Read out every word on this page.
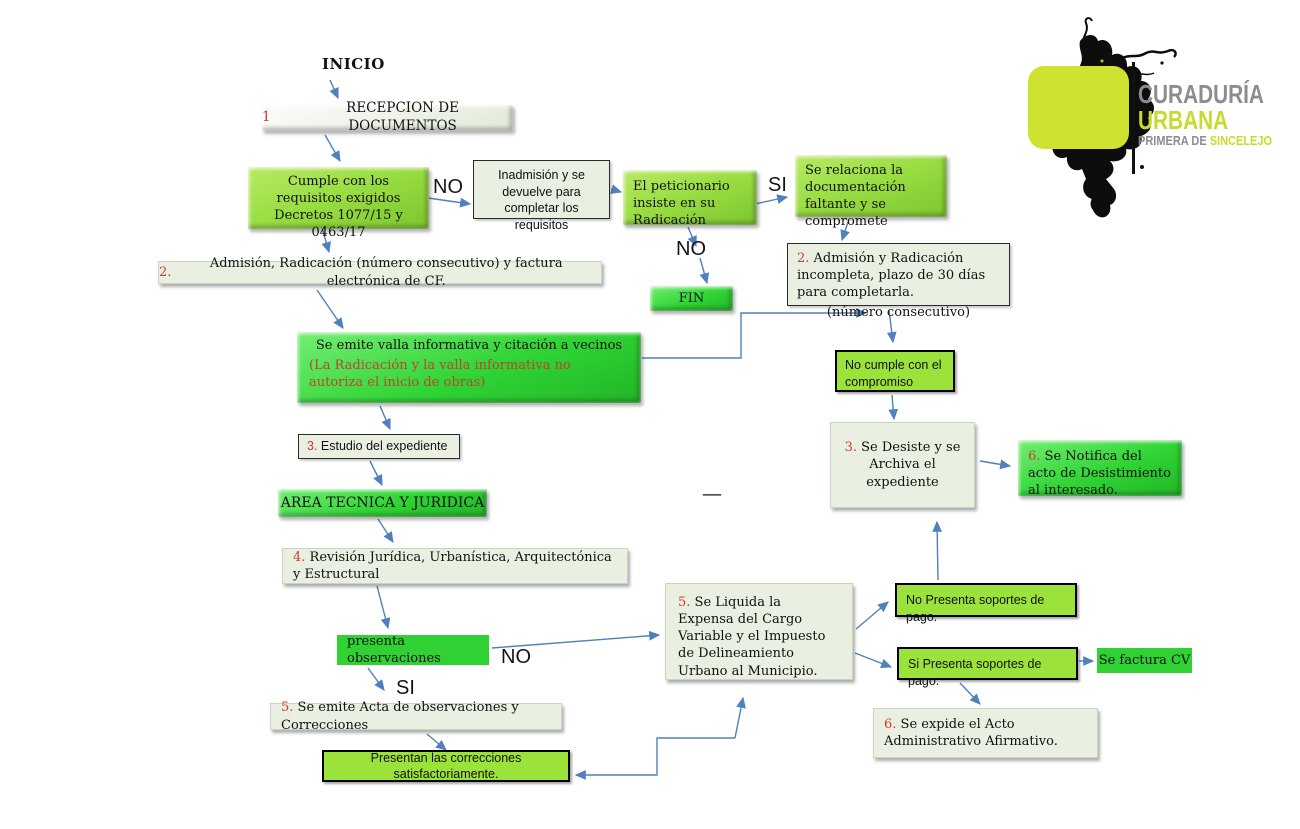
INICIO
NO	SI
NO
NO
SI
—
1
RECEPCION DE DOCUMENTOS
Cumple con los requisitos exigidos Decretos 1077/15 y 0463/17
Inadmisión y se devuelve para completar los requisitos
El peticionario insiste en su Radicación
Se relaciona la documentación faltante y se compromete
FIN
2. Admisión y Radicación incompleta, plazo de 30 días para completarla.
(número consecutivo)
2.
Admisión, Radicación (número consecutivo) y factura electrónica de CF.
Se emite valla informativa y citación a vecinos
(La Radicación y la valla informativa no autoriza el inicio de obras)
3. Estudio del expediente
AREA TECNICA Y JURIDICA
4. Revisión Jurídica, Urbanística, Arquitectónica y Estructural
presenta observaciones
5. Se emite Acta de observaciones y Correcciones
Presentan las correcciones satisfactoriamente.
5. Se Liquida la Expensa del Cargo Variable y el Impuesto de Delineamiento Urbano al Municipio.
No cumple con el compromiso
3. Se Desiste y se Archiva el expediente
6. Se Notifica del acto de Desistimiento al interesado.
No Presenta soportes de pago.
Si Presenta soportes de pago.
Se factura CV
6. Se expide el Acto Administrativo Afirmativo.
CURADURÍA
URBANA
PRIMERA DE SINCELEJO
